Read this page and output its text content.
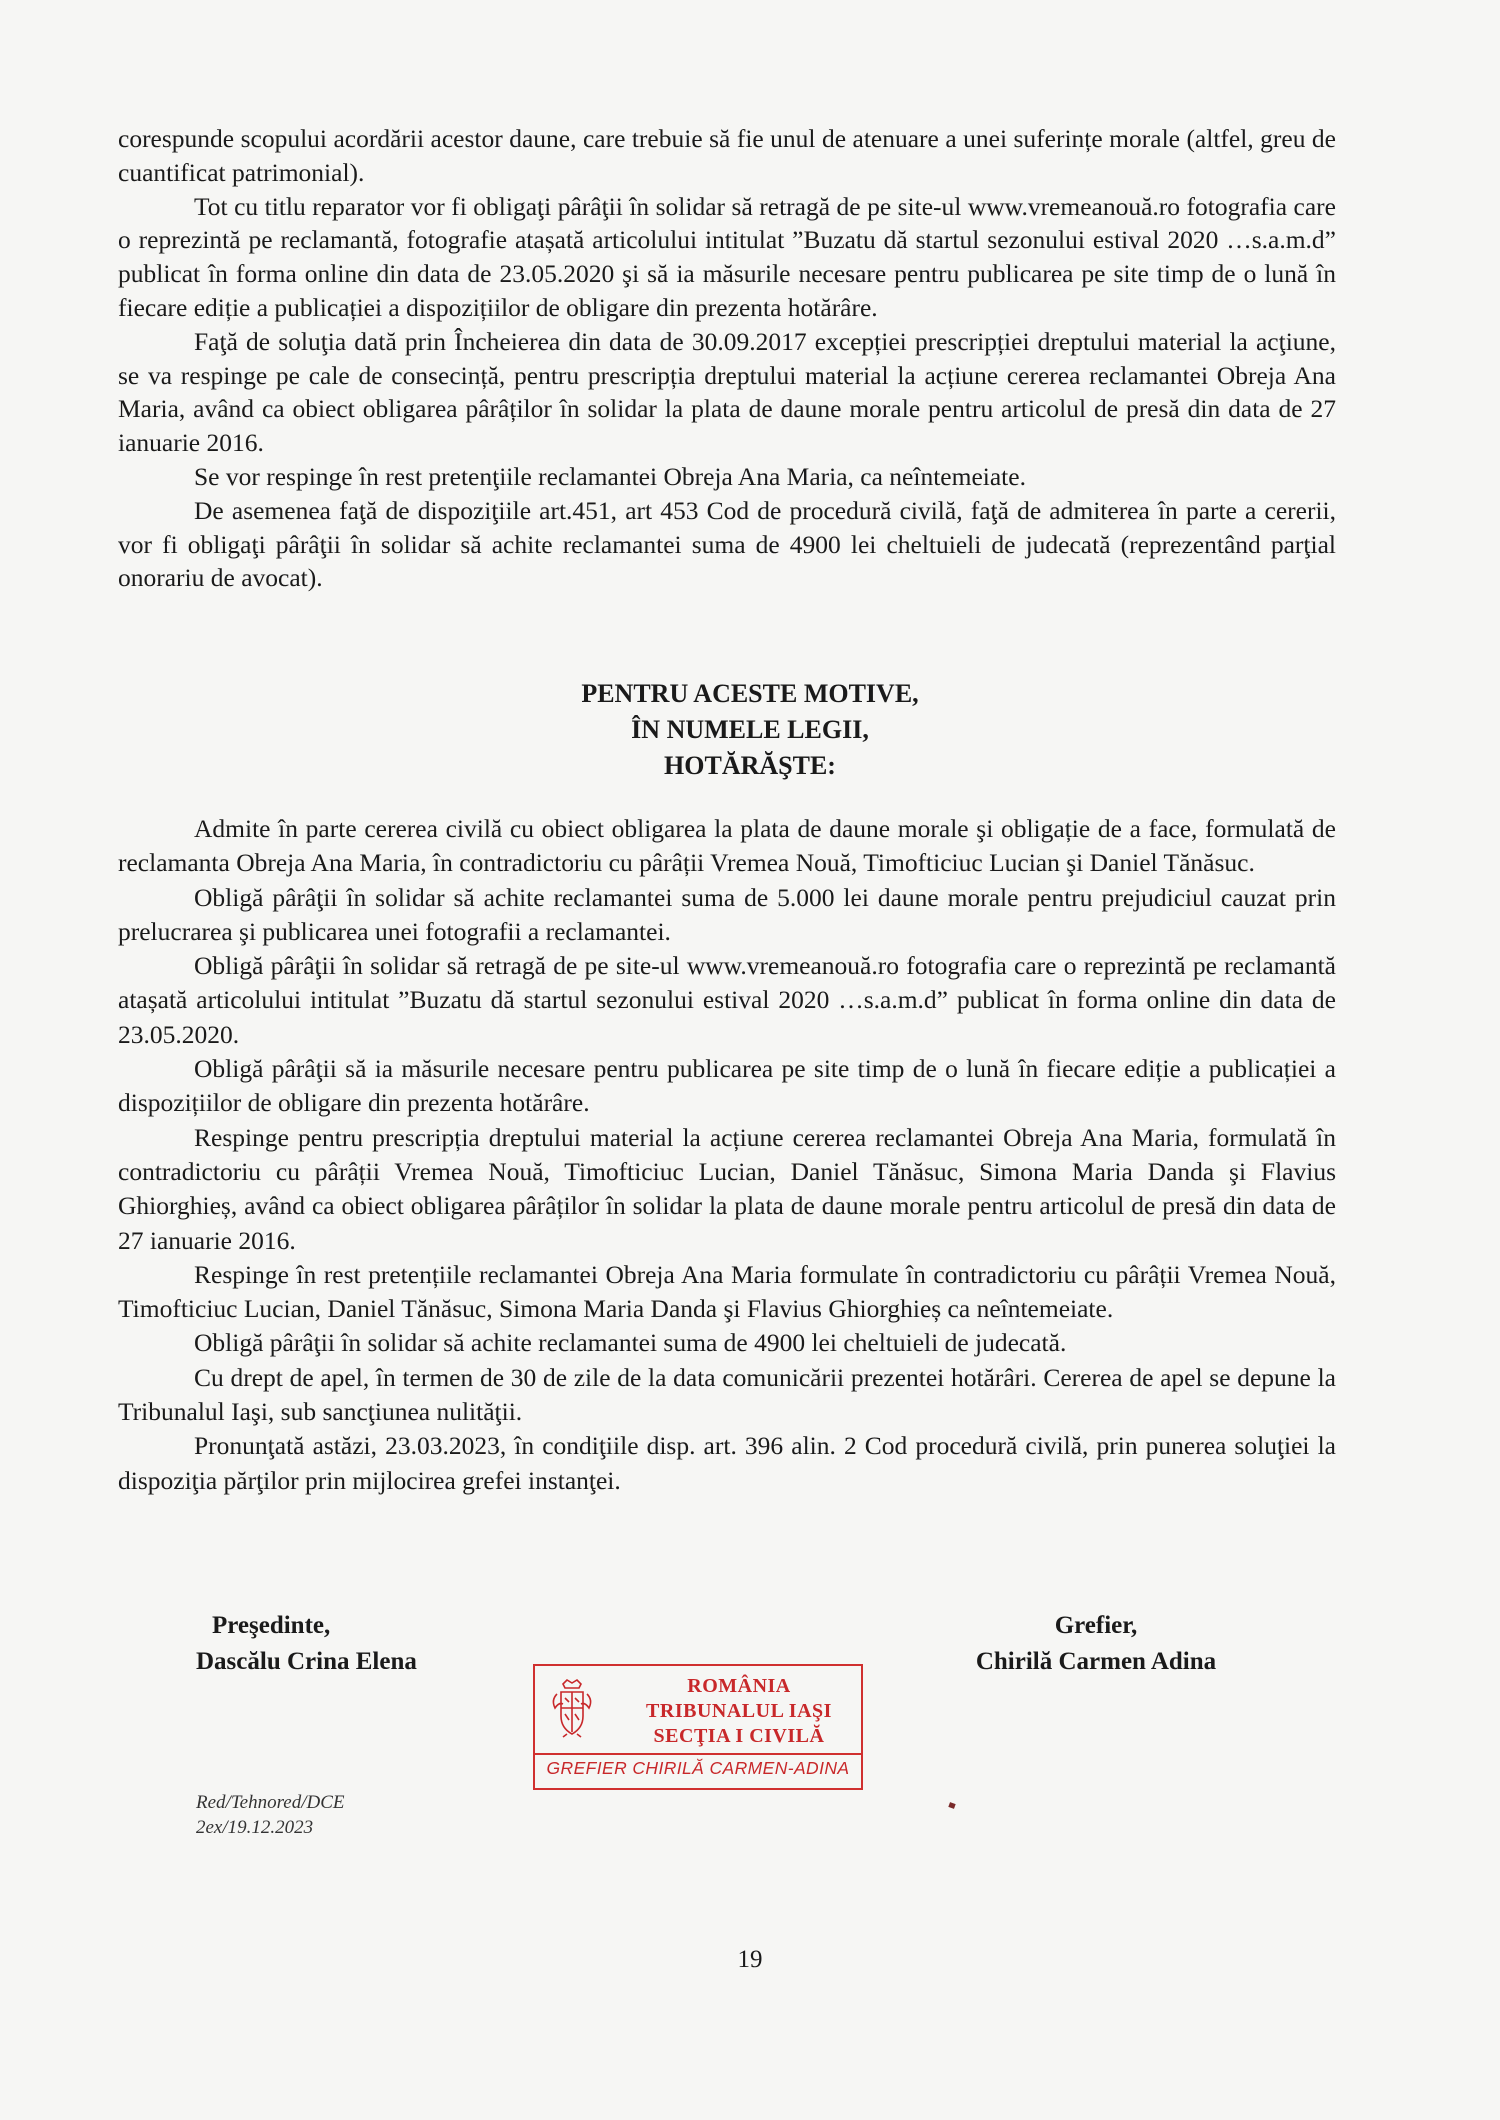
corespunde scopului acordării acestor daune, care trebuie să fie unul de atenuare a unei suferințe morale (altfel, greu de cuantificat patrimonial).

Tot cu titlu reparator vor fi obligaţi pârâţii în solidar să retragă de pe site-ul www.vremeanouă.ro fotografia care o reprezintă pe reclamantă, fotografie atașată articolului intitulat ”Buzatu dă startul sezonului estival 2020 …s.a.m.d” publicat în forma online din data de 23.05.2020 şi să ia măsurile necesare pentru publicarea pe site timp de o lună în fiecare ediție a publicației a dispozițiilor de obligare din prezenta hotărâre.

Faţă de soluţia dată prin Încheierea din data de 30.09.2017 excepției prescripției dreptului material la acţiune, se va respinge pe cale de consecință, pentru prescripția dreptului material la acțiune cererea reclamantei Obreja Ana Maria, având ca obiect obligarea pârâților în solidar la plata de daune morale pentru articolul de presă din data de 27 ianuarie 2016.

Se vor respinge în rest pretenţiile reclamantei Obreja Ana Maria, ca neîntemeiate.

De asemenea faţă de dispoziţiile art.451, art 453 Cod de procedură civilă, faţă de admiterea în parte a cererii, vor fi obligaţi pârâţii în solidar să achite reclamantei suma de 4900 lei cheltuieli de judecată (reprezentând parţial onorariu de avocat).

PENTRU ACESTE MOTIVE,
ÎN NUMELE LEGII,
HOTĂRĂŞTE:

Admite în parte cererea civilă cu obiect obligarea la plata de daune morale şi obligație de a face, formulată de reclamanta Obreja Ana Maria, în contradictoriu cu pârâții Vremea Nouă, Timofticiuc Lucian şi Daniel Tănăsuc.

Obligă pârâţii în solidar să achite reclamantei suma de 5.000 lei daune morale pentru prejudiciul cauzat prin prelucrarea şi publicarea unei fotografii a reclamantei.

Obligă pârâţii în solidar să retragă de pe site-ul www.vremeanouă.ro fotografia care o reprezintă pe reclamantă atașată articolului intitulat ”Buzatu dă startul sezonului estival 2020 …s.a.m.d” publicat în forma online din data de 23.05.2020.

Obligă pârâţii să ia măsurile necesare pentru publicarea pe site timp de o lună în fiecare ediție a publicației a dispozițiilor de obligare din prezenta hotărâre.

Respinge pentru prescripția dreptului material la acțiune cererea reclamantei Obreja Ana Maria, formulată în contradictoriu cu pârâții Vremea Nouă, Timofticiuc Lucian, Daniel Tănăsuc, Simona Maria Danda şi Flavius Ghiorghieș, având ca obiect obligarea pârâților în solidar la plata de daune morale pentru articolul de presă din data de 27 ianuarie 2016.

Respinge în rest pretențiile reclamantei Obreja Ana Maria formulate în contradictoriu cu pârâții Vremea Nouă, Timofticiuc Lucian, Daniel Tănăsuc, Simona Maria Danda şi Flavius Ghiorghieș ca neîntemeiate.

Obligă pârâţii în solidar să achite reclamantei suma de 4900 lei cheltuieli de judecată.

Cu drept de apel, în termen de 30 de zile de la data comunicării prezentei hotărâri. Cererea de apel se depune la Tribunalul Iaşi, sub sancţiunea nulităţii.

Pronunţată astăzi, 23.03.2023, în condiţiile disp. art. 396 alin. 2 Cod procedură civilă, prin punerea soluţiei la dispoziţia părţilor prin mijlocirea grefei instanţei.

Preşedinte,
Dascălu Crina Elena
Grefier,
Chirilă Carmen Adina
ROMÂNIA
TRIBUNALUL IAŞI
SECŢIA I CIVILĂ
GREFIER CHIRILĂ CARMEN-ADINA
Red/Tehnored/DCE
2ex/19.12.2023
19
